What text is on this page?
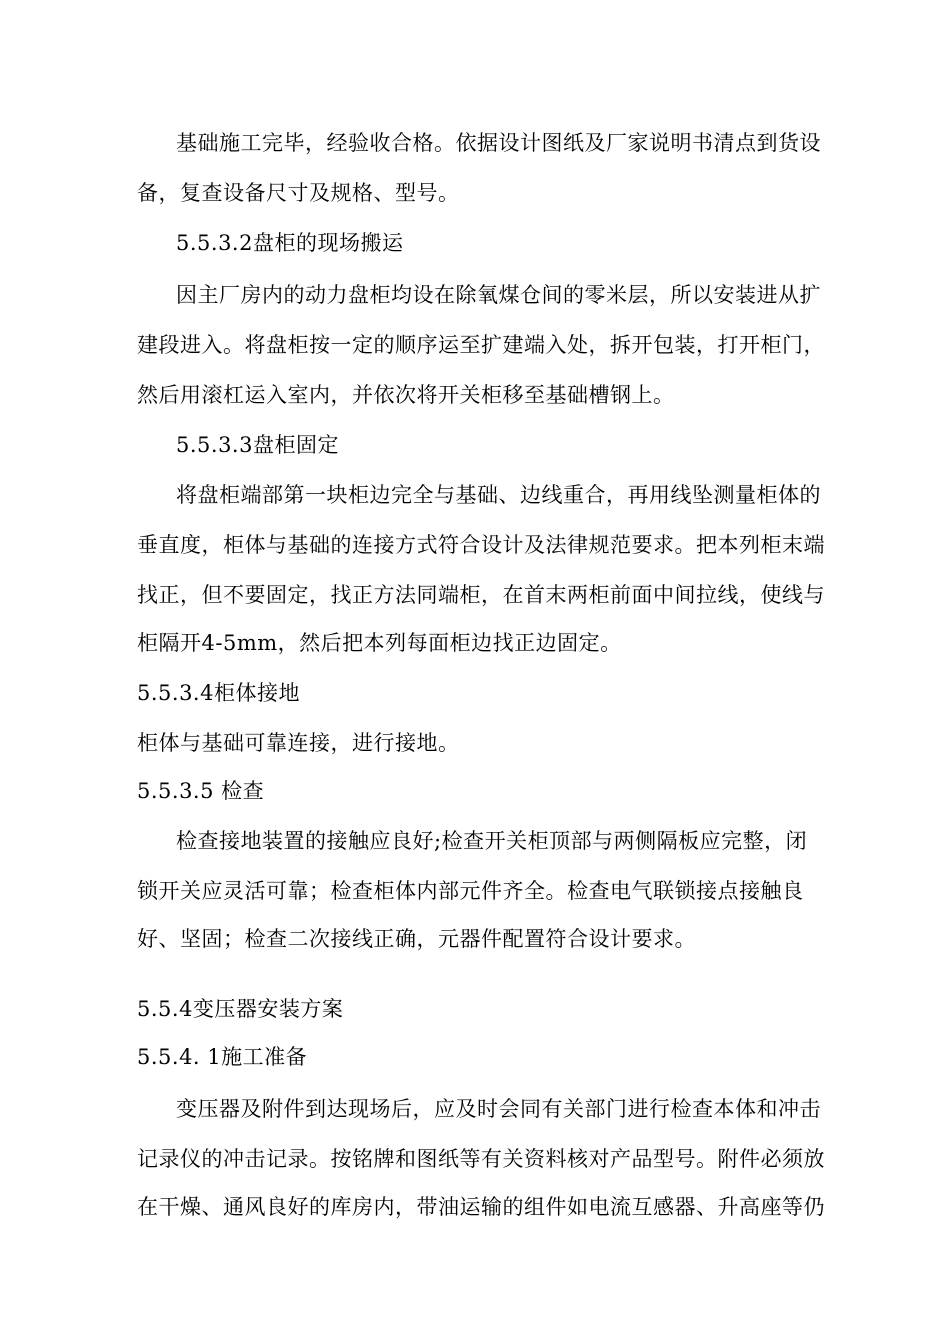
基础施工完毕，经验收合格。依据设计图纸及厂家说明书清点到货设
备，复查设备尺寸及规格、型号。
5.5.3.2盘柜的现场搬运
因主厂房内的动力盘柜均设在除氧煤仓间的零米层，所以安装进从扩
建段进入。将盘柜按一定的顺序运至扩建端入处，拆开包装，打开柜门，
然后用滚杠运入室内，并依次将开关柜移至基础槽钢上。
5.5.3.3盘柜固定
将盘柜端部第一块柜边完全与基础、边线重合，再用线坠测量柜体的
垂直度，柜体与基础的连接方式符合设计及法律规范要求。把本列柜末端
找正，但不要固定，找正方法同端柜，在首末两柜前面中间拉线，使线与
柜隔开4-5mm，然后把本列每面柜边找正边固定。
5.5.3.4柜体接地
柜体与基础可靠连接，进行接地。
5.5.3.5 检查
检查接地装置的接触应良好;检查开关柜顶部与两侧隔板应完整，闭
锁开关应灵活可靠；检查柜体内部元件齐全。检查电气联锁接点接触良
好、坚固；检查二次接线正确，元器件配置符合设计要求。
5.5.4变压器安装方案
5.5.4. 1施工准备
变压器及附件到达现场后，应及时会同有关部门进行检查本体和冲击
记录仪的冲击记录。按铭牌和图纸等有关资料核对产品型号。附件必须放
在干燥、通风良好的库房内，带油运输的组件如电流互感器、升高座等仍
